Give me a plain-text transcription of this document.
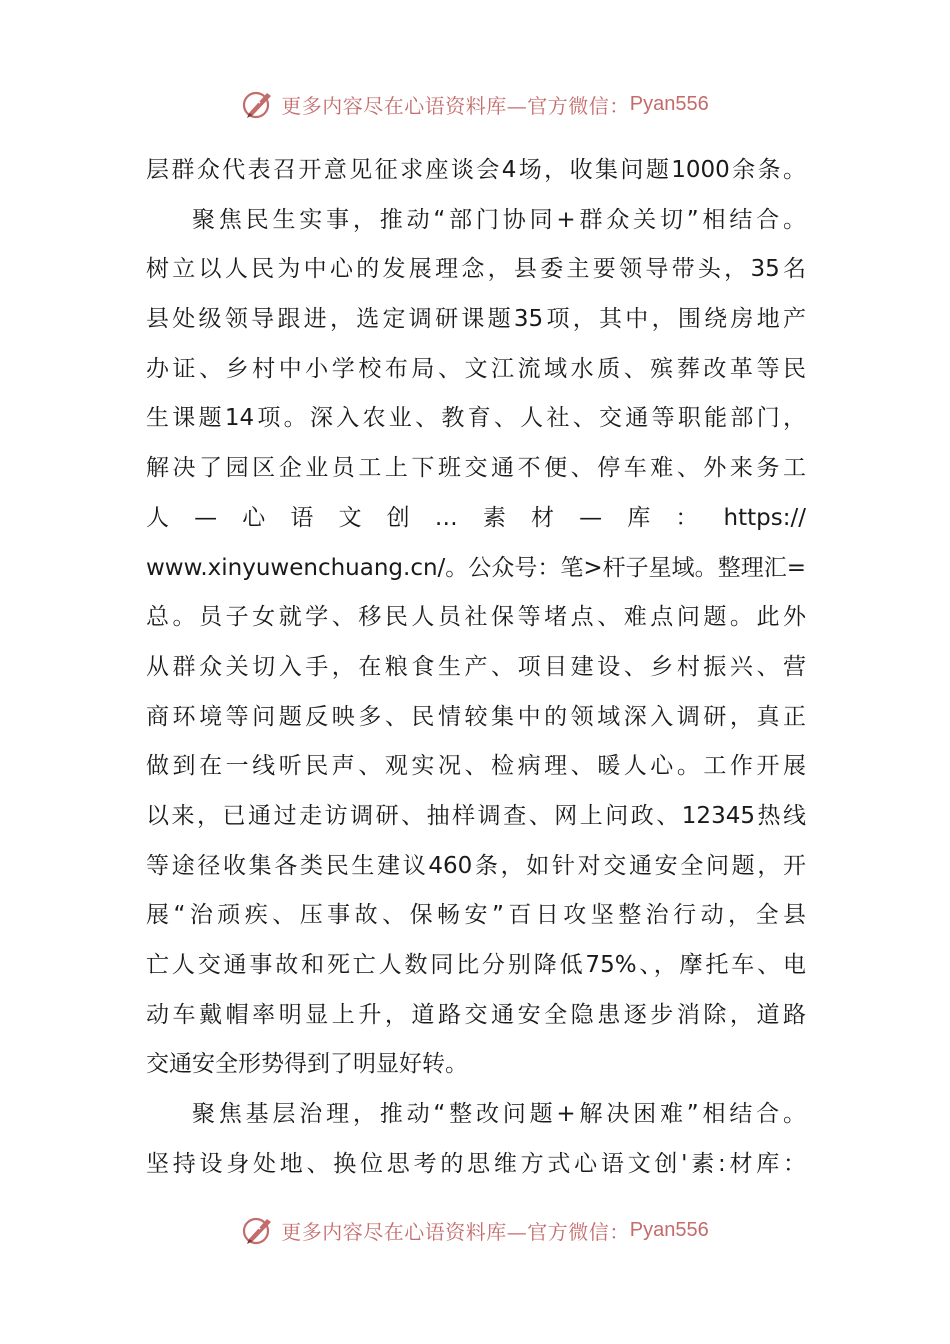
更多内容尽在心语资料库—官方微信： Pyan556
层群众代表召开意见征求座谈会4场，收集问题1000余条。
聚焦民生实事，推动“部门协同+群众关切”相结合。
树立以人民为中心的发展理念，县委主要领导带头，35名
县处级领导跟进，选定调研课题35项，其中，围绕房地产
办证、乡村中小学校布局、文江流域水质、殡葬改革等民
生课题14项。深入农业、教育、人社、交通等职能部门，
解决了园区企业员工上下班交通不便、停车难、外来务工
人—心语文创…素材—库：https://
www.xinyuwenchuang.cn/。公众号：笔>杆子星域。整理汇=
总。员子女就学、移民人员社保等堵点、难点问题。此外
从群众关切入手，在粮食生产、项目建设、乡村振兴、营
商环境等问题反映多、民情较集中的领域深入调研，真正
做到在一线听民声、观实况、检病理、暖人心。工作开展
以来，已通过走访调研、抽样调查、网上问政、12345热线
等途径收集各类民生建议460条，如针对交通安全问题，开
展“治顽疾、压事故、保畅安”百日攻坚整治行动，全县
亡人交通事故和死亡人数同比分别降低75%、，摩托车、电
动车戴帽率明显上升，道路交通安全隐患逐步消除，道路
交通安全形势得到了明显好转。
聚焦基层治理，推动“整改问题+解决困难”相结合。
坚持设身处地、换位思考的思维方式心语文创'素:材库：
更多内容尽在心语资料库—官方微信： Pyan556
